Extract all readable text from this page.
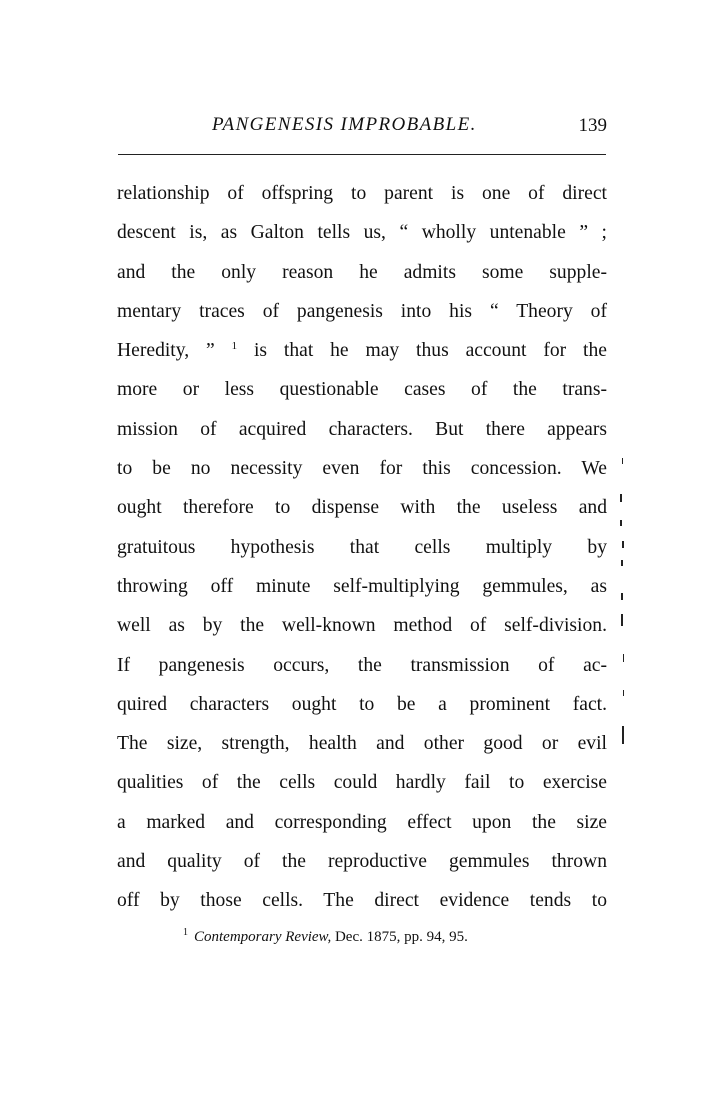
PANGENESIS IMPROBABLE.	139
relationship of offspring to parent is one of direct
descent is, as Galton tells us, “ wholly untenable ” ;
and the only reason he admits some supple-
mentary traces of pangenesis into his “ Theory of
Heredity, ” $^1$ is that he may thus account for the
more or less questionable cases of the trans-
mission of acquired characters. But there appears
to be no necessity even for this concession. We
ought therefore to dispense with the useless and
gratuitous hypothesis that cells multiply by
throwing off minute self-multiplying gemmules, as
well as by the well-known method of self-division.
If pangenesis occurs, the transmission of ac-
quired characters ought to be a prominent fact.
The size, strength, health and other good or evil
qualities of the cells could hardly fail to exercise
a marked and corresponding effect upon the size
and quality of the reproductive gemmules thrown
off by those cells. The direct evidence tends to
$^1$ Contemporary Review, Dec. 1875, pp. 94, 95.
